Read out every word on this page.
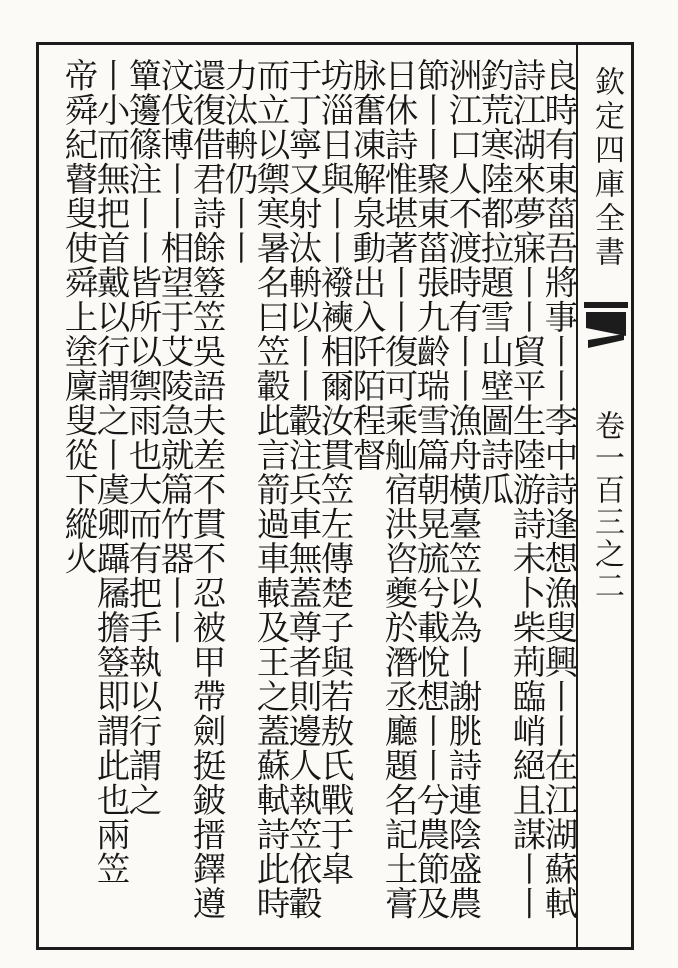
欽定四庫全書
卷一百三之二
良時有東菑吾將事丨丨李中詩逢想漁叟興丨丨在江湖蘇軾
詩江湖來夢寐丨丨貿平生陸游詩未卜柴荊臨峭絕且謀丨丨
釣荒寒陸都拉題雪山壁圖詩瓜
洲江口人不渡時有丨丨漁舟橫臺笠以為丨謝朓詩連陰盛農
節丨丨聚東菑張九齡瑞雪篇朝晃旈兮載悅想丨丨兮農節及
日休詩惟堪著丨丨復可乘舢宿洪咨夔於潛丞廳題名記土膏
脉奮凍解泉動出入阡陌程督
坊淄日與丨丨襏襫相爾汝貫笠左傳楚子與若敖氏戰于皐
于丁寧又射汰輈以丨丨轂注兵車無蓋尊者則邊人執笠依轂
而立以禦寒暑名曰笠轂此言箭過車轅及王之蓋蘇軾詩此時
力汰輈仍丨丨
還復借君詩餘簦笠吳語夫差不貫不忍被甲帶劍挺鈹搢鐸遵
汶伐博丨丨相望于艾陵急就篇竹器丨丨
簞籩篠注丨丨皆所以禦雨也大而有把手執以行謂之
丨小而無把首戴以行謂之丨虞卿躡屩擔簦即謂此也兩笠
帝舜紀瞽叟使舜上塗廩叟從下縱火
